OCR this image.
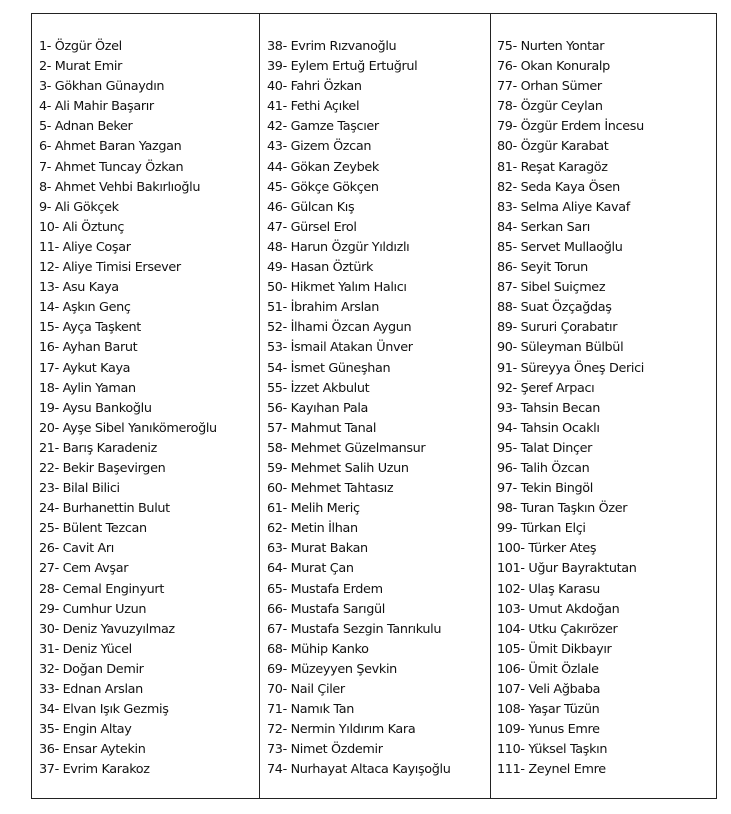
1- Özgür Özel
2- Murat Emir
3- Gökhan Günaydın
4- Ali Mahir Başarır
5- Adnan Beker
6- Ahmet Baran Yazgan
7- Ahmet Tuncay Özkan
8- Ahmet Vehbi Bakırlıoğlu
9- Ali Gökçek
10- Ali Öztunç
11- Aliye Coşar
12- Aliye Timisi Ersever
13- Asu Kaya
14- Aşkın Genç
15- Ayça Taşkent
16- Ayhan Barut
17- Aykut Kaya
18- Aylin Yaman
19- Aysu Bankoğlu
20- Ayşe Sibel Yanıkömeroğlu
21- Barış Karadeniz
22- Bekir Başevirgen
23- Bilal Bilici
24- Burhanettin Bulut
25- Bülent Tezcan
26- Cavit Arı
27- Cem Avşar
28- Cemal Enginyurt
29- Cumhur Uzun
30- Deniz Yavuzyılmaz
31- Deniz Yücel
32- Doğan Demir
33- Ednan Arslan
34- Elvan Işık Gezmiş
35- Engin Altay
36- Ensar Aytekin
37- Evrim Karakoz
38- Evrim Rızvanoğlu
39- Eylem Ertuğ Ertuğrul
40- Fahri Özkan
41- Fethi Açıkel
42- Gamze Taşcıer
43- Gizem Özcan
44- Gökan Zeybek
45- Gökçe Gökçen
46- Gülcan Kış
47- Gürsel Erol
48- Harun Özgür Yıldızlı
49- Hasan Öztürk
50- Hikmet Yalım Halıcı
51- İbrahim Arslan
52- İlhami Özcan Aygun
53- İsmail Atakan Ünver
54- İsmet Güneşhan
55- İzzet Akbulut
56- Kayıhan Pala
57- Mahmut Tanal
58- Mehmet Güzelmansur
59- Mehmet Salih Uzun
60- Mehmet Tahtasız
61- Melih Meriç
62- Metin İlhan
63- Murat Bakan
64- Murat Çan
65- Mustafa Erdem
66- Mustafa Sarıgül
67- Mustafa Sezgin Tanrıkulu
68- Mühip Kanko
69- Müzeyyen Şevkin
70- Nail Çiler
71- Namık Tan
72- Nermin Yıldırım Kara
73- Nimet Özdemir
74- Nurhayat Altaca Kayışoğlu
75- Nurten Yontar
76- Okan Konuralp
77- Orhan Sümer
78- Özgür Ceylan
79- Özgür Erdem İncesu
80- Özgür Karabat
81- Reşat Karagöz
82- Seda Kaya Ösen
83- Selma Aliye Kavaf
84- Serkan Sarı
85- Servet Mullaoğlu
86- Seyit Torun
87- Sibel Suiçmez
88- Suat Özçağdaş
89- Sururi Çorabatır
90- Süleyman Bülbül
91- Süreyya Öneş Derici
92- Şeref Arpacı
93- Tahsin Becan
94- Tahsin Ocaklı
95- Talat Dinçer
96- Talih Özcan
97- Tekin Bingöl
98- Turan Taşkın Özer
99- Türkan Elçi
100- Türker Ateş
101- Uğur Bayraktutan
102- Ulaş Karasu
103- Umut Akdoğan
104- Utku Çakırözer
105- Ümit Dikbayır
106- Ümit Özlale
107- Veli Ağbaba
108- Yaşar Tüzün
109- Yunus Emre
110- Yüksel Taşkın
111- Zeynel Emre
